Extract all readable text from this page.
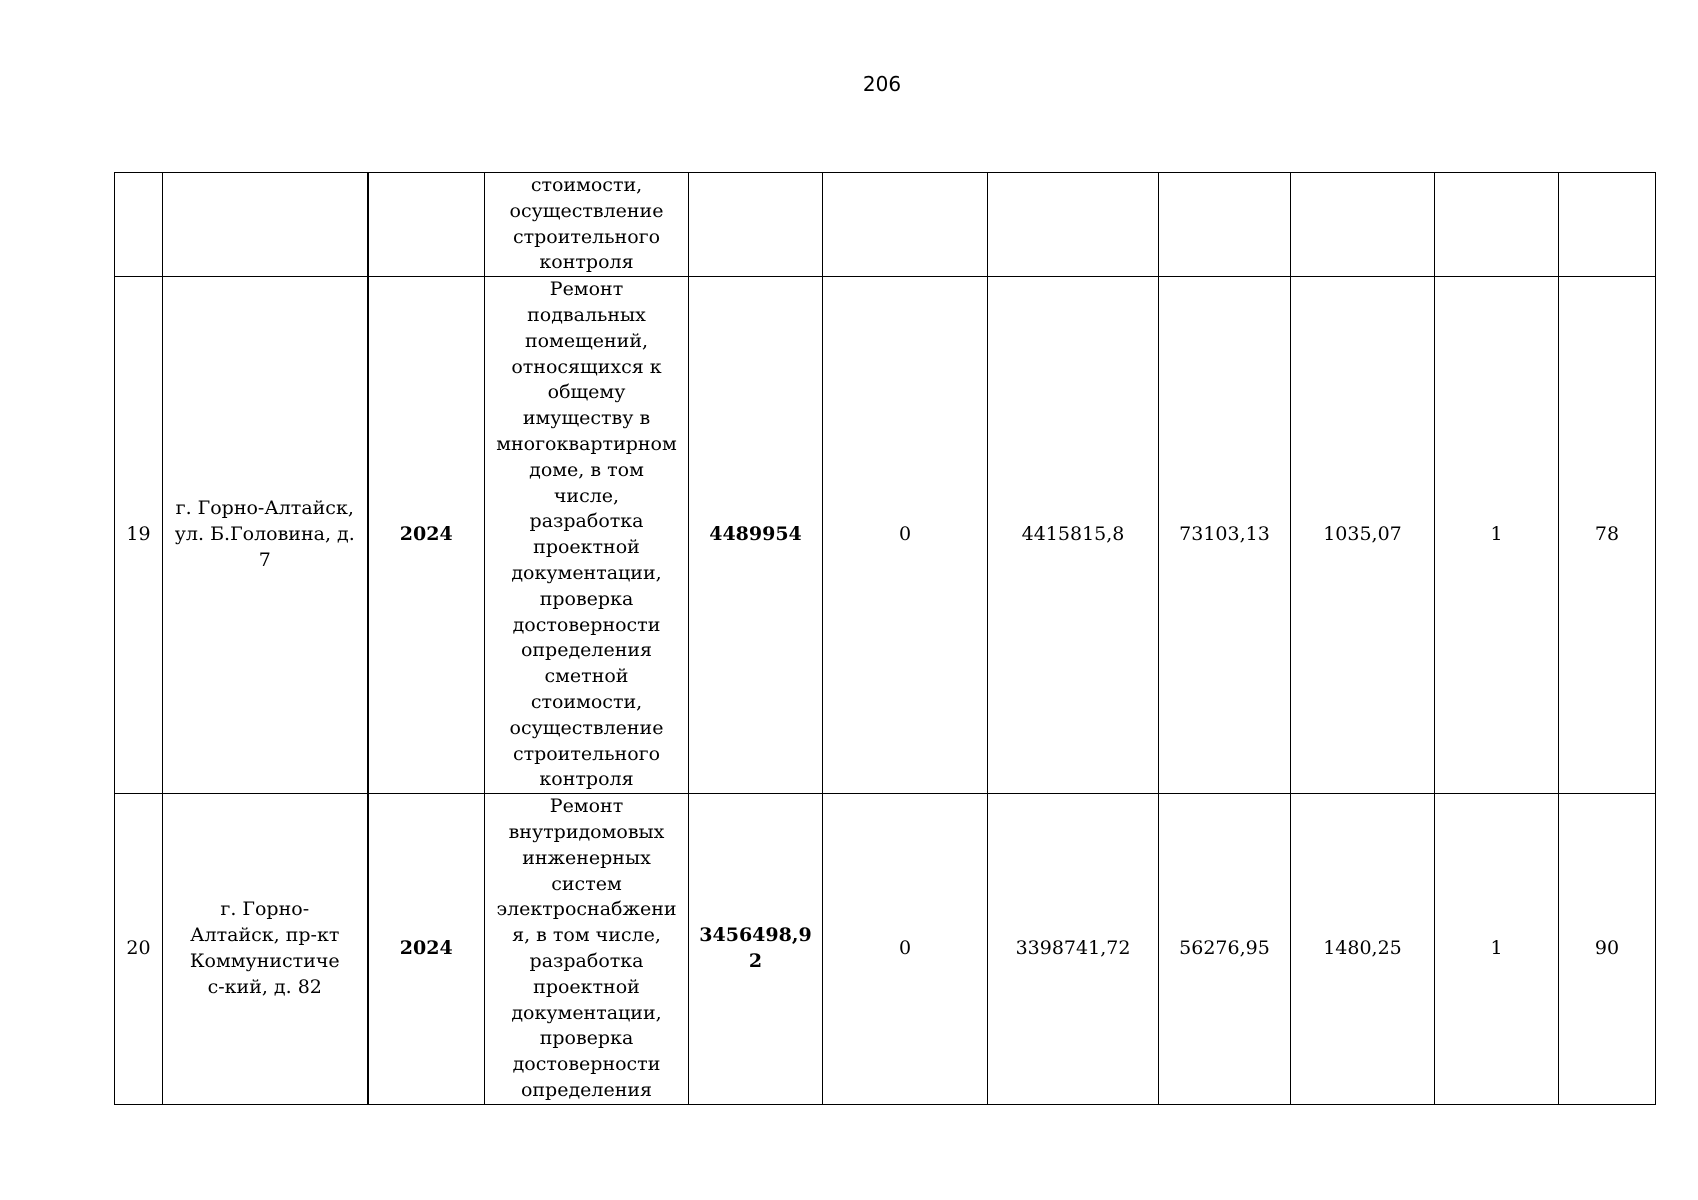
206

			стоимости, осуществление строительного контроля							

19	г. Горно-Алтайск, ул. Б.Головина, д. 7	2024	Ремонт подвальных помещений, относящихся к общему имуществу в многоквартирном доме, в том числе, разработка проектной документации, проверка достоверности определения сметной стоимости, осуществление строительного контроля	4489954	0	4415815,8	73103,13	1035,07	1	78
20	г. Горно-Алтайск, пр-кт Коммунистичес-кий, д. 82	2024	Ремонт внутридомовых инженерных систем электроснабжения, в том числе, разработка проектной документации, проверка достоверности определения	3456498,92	0	3398741,72	56276,95	1480,25	1	90
